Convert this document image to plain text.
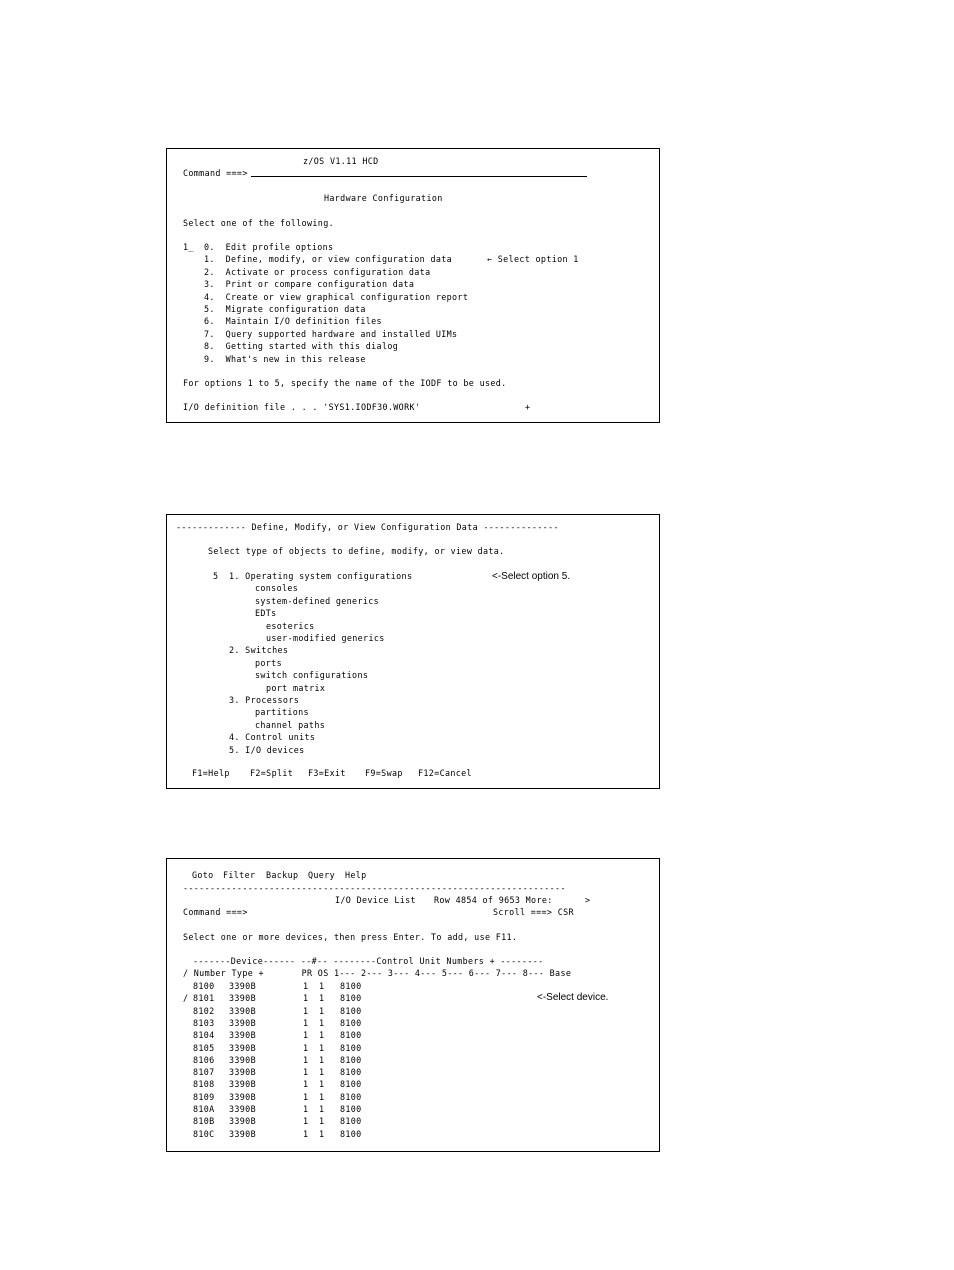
z/OS V1.11 HCD
Command ===>
Hardware Configuration
Select one of the following.
1_ 0.  Edit profile options
1.  Define, modify, or view configuration data
2.  Activate or process configuration data
3.  Print or compare configuration data
4.  Create or view graphical configuration report
5.  Migrate configuration data
6.  Maintain I/O definition files
7.  Query supported hardware and installed UIMs
8.  Getting started with this dialog
9.  What's new in this release
← Select option 1
For options 1 to 5, specify the name of the IODF to be used.
I/O definition file . . . 'SYS1.IODF30.WORK'	+
------------- Define, Modify, or View Configuration Data --------------
Select type of objects to define, modify, or view data.
5 1. Operating system configurations
consoles
system-defined generics
EDTs
esoterics
user-modified generics
2. Switches
ports
switch configurations
port matrix
3. Processors
partitions
channel paths
4. Control units
5. I/O devices
<-Select option 5.
F1=Help F2=Split F3=Exit F9=Swap F12=Cancel
Goto Filter Backup Query Help
-----------------------------------------------------------------------
I/O Device List Row 4854 of 9653 More:	>
Command ===>	Scroll ===> CSR
Select one or more devices, then press Enter. To add, use F11.
-------Device------ --#-- --------Control Unit Numbers + --------
/ Number Type +       PR OS 1--- 2--- 3--- 4--- 5--- 6--- 7--- 8--- Base
8100 3390B	1 1 8100
/ 8101 3390B	1 1 8100
8102 3390B	1 1 8100
8103 3390B	1 1 8100
8104 3390B	1 1 8100
8105 3390B	1 1 8100
8106 3390B	1 1 8100
8107 3390B	1 1 8100
8108 3390B	1 1 8100
8109 3390B	1 1 8100
810A 3390B	1 1 8100
810B 3390B	1 1 8100
810C 3390B	1 1 8100
<-Select device.
